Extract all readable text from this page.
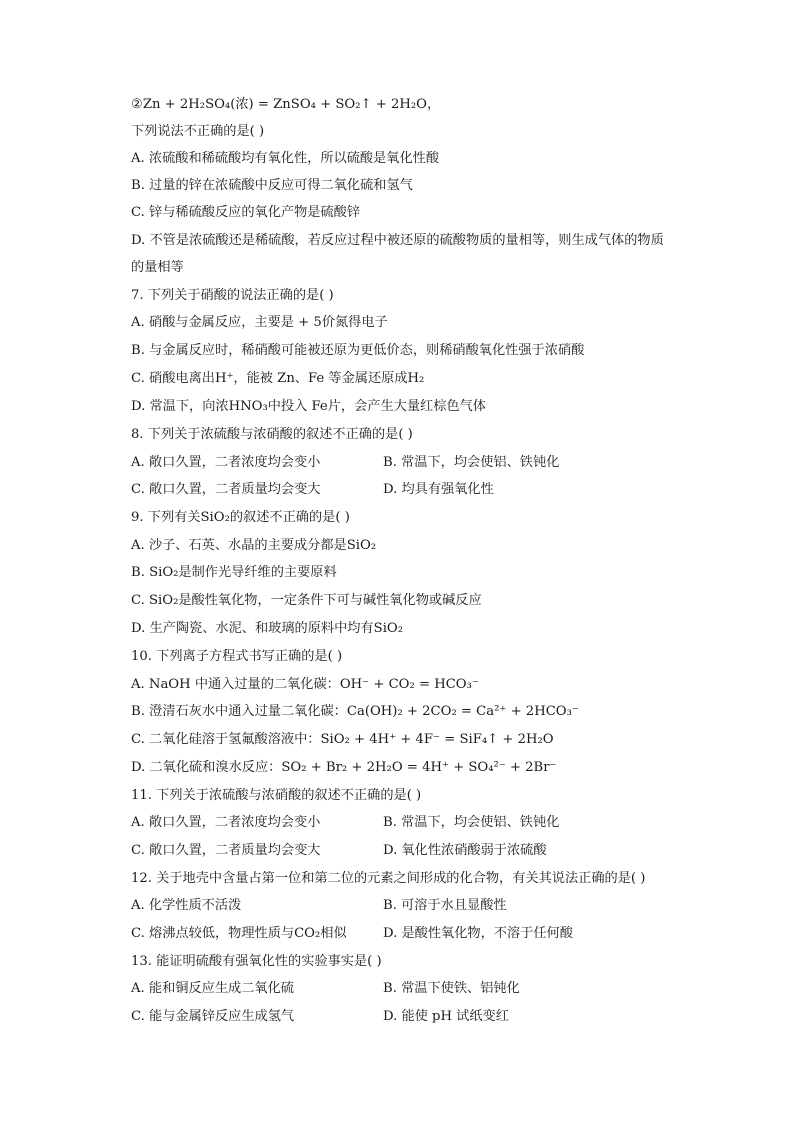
②Zn + 2H₂SO₄(浓) = ZnSO₄ + SO₂↑ + 2H₂O，
下列说法不正确的是( )
A. 浓硫酸和稀硫酸均有氧化性，所以硫酸是氧化性酸
B. 过量的锌在浓硫酸中反应可得二氧化硫和氢气
C. 锌与稀硫酸反应的氧化产物是硫酸锌
D. 不管是浓硫酸还是稀硫酸，若反应过程中被还原的硫酸物质的量相等，则生成气体的物质
的量相等
7. 下列关于硝酸的说法正确的是( )
A. 硝酸与金属反应，主要是 + 5价氮得电子
B. 与金属反应时，稀硝酸可能被还原为更低价态，则稀硝酸氧化性强于浓硝酸
C. 硝酸电离出H⁺，能被 Zn、Fe 等金属还原成H₂
D. 常温下，向浓HNO₃中投入 Fe片，会产生大量红棕色气体
8. 下列关于浓硫酸与浓硝酸的叙述不正确的是( )
A. 敞口久置，二者浓度均会变小	B. 常温下，均会使铝、铁钝化
C. 敞口久置，二者质量均会变大	D. 均具有强氧化性
9. 下列有关SiO₂的叙述不正确的是( )
A. 沙子、石英、水晶的主要成分都是SiO₂
B. SiO₂是制作光导纤维的主要原料
C. SiO₂是酸性氧化物，一定条件下可与碱性氧化物或碱反应
D. 生产陶瓷、水泥、和玻璃的原料中均有SiO₂
10. 下列离子方程式书写正确的是( )
A. NaOH 中通入过量的二氧化碳：OH⁻ + CO₂ = HCO₃⁻
B. 澄清石灰水中通入过量二氧化碳：Ca(OH)₂ + 2CO₂ = Ca²⁺ + 2HCO₃⁻
C. 二氧化硅溶于氢氟酸溶液中：SiO₂ + 4H⁺ + 4F⁻ = SiF₄↑ + 2H₂O
D. 二氧化硫和溴水反应：SO₂ + Br₂ + 2H₂O = 4H⁺ + SO₄²⁻ + 2Br⁻
11. 下列关于浓硫酸与浓硝酸的叙述不正确的是( )
A. 敞口久置，二者浓度均会变小	B. 常温下，均会使铝、铁钝化
C. 敞口久置，二者质量均会变大	D. 氧化性浓硝酸弱于浓硫酸
12. 关于地壳中含量占第一位和第二位的元素之间形成的化合物，有关其说法正确的是( )
A. 化学性质不活泼	B. 可溶于水且显酸性
C. 熔沸点较低，物理性质与CO₂相似	D. 是酸性氧化物，不溶于任何酸
13. 能证明硫酸有强氧化性的实验事实是( )
A. 能和铜反应生成二氧化硫	B. 常温下使铁、铝钝化
C. 能与金属锌反应生成氢气	D. 能使 pH 试纸变红
